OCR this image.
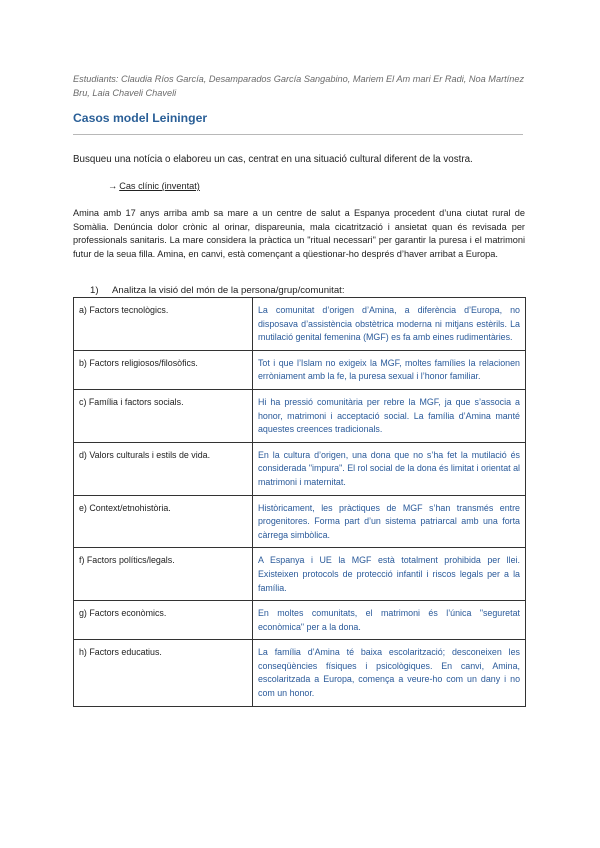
Estudiants: Claudia Ríos García, Desamparados García Sangabino, Mariem El Am mari Er Radi, Noa Martínez Bru, Laia Chaveli Chaveli
Casos model Leininger
Busqueu una notícia o elaboreu un cas, centrat en una situació cultural diferent de la vostra.
→ Cas clínic (inventat)
Amina amb 17 anys arriba amb sa mare a un centre de salut a Espanya procedent d’una ciutat rural de Somàlia. Denúncia dolor crònic al orinar, dispareunia, mala cicatrització i ansietat quan és revisada per professionals sanitaris. La mare considera la pràctica un "ritual necessari" per garantir la puresa i el matrimoni futur de la seua filla. Amina, en canvi, està començant a qüestionar-ho després d’haver arribat a Europa.
1) Analitza la visió del món de la persona/grup/comunitat:
a) Factors tecnològics.	La comunitat d’origen d’Amina, a diferència d’Europa, no disposava d’assistència obstètrica moderna ni mitjans estèrils. La mutilació genital femenina (MGF) es fa amb eines rudimentàries.
b) Factors religiosos/filosòfics.	Tot i que l’Islam no exigeix la MGF, moltes famílies la relacionen erròniament amb la fe, la puresa sexual i l’honor familiar.
c) Família i factors socials.	Hi ha pressió comunitària per rebre la MGF, ja que s’associa a honor, matrimoni i acceptació social. La família d’Amina manté aquestes creences tradicionals.
d) Valors culturals i estils de vida.	En la cultura d’origen, una dona que no s’ha fet la mutilació és considerada "impura". El rol social de la dona és limitat i orientat al matrimoni i maternitat.
e) Context/etnohistòria.	Històricament, les pràctiques de MGF s’han transmés entre progenitores. Forma part d’un sistema patriarcal amb una forta càrrega simbòlica.
f) Factors polítics/legals.	A Espanya i UE la MGF està totalment prohibida per llei. Existeixen protocols de protecció infantil i riscos legals per a la família.
g) Factors econòmics.	En moltes comunitats, el matrimoni és l’única "seguretat econòmica" per a la dona.
h) Factors educatius.	La família d’Amina té baixa escolarització; desconeixen les conseqüències físiques i psicològiques. En canvi, Amina, escolaritzada a Europa, comença a veure-ho com un dany i no com un honor.
